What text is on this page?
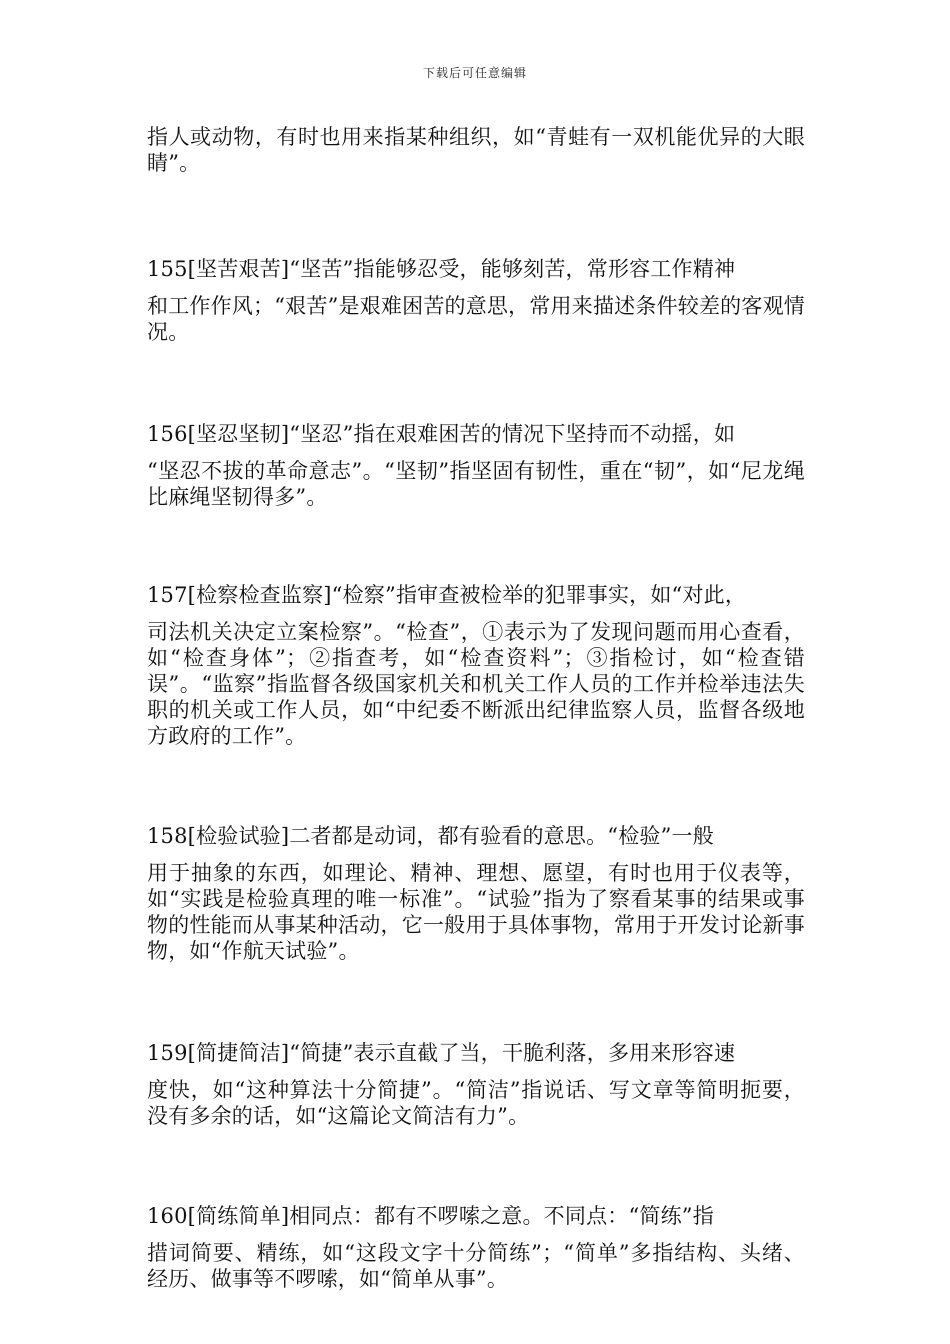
下载后可任意编辑
指人或动物，有时也用来指某种组织，如“青蛙有一双机能优异的大眼睛”。
155[坚苦艰苦]“坚苦”指能够忍受，能够刻苦，常形容工作精神
和工作作风；“艰苦”是艰难困苦的意思，常用来描述条件较差的客观情况。
156[坚忍坚韧]“坚忍”指在艰难困苦的情况下坚持而不动摇，如
“坚忍不拔的革命意志”。“坚韧”指坚固有韧性，重在“韧”，如“尼龙绳比麻绳坚韧得多”。
157[检察检查监察]“检察”指审查被检举的犯罪事实，如“对此，
司法机关决定立案检察”。“检查”，①表示为了发现问题而用心查看，如“检查身体”；②指查考，如“检查资料”；③指检讨，如“检查错误”。“监察”指监督各级国家机关和机关工作人员的工作并检举违法失职的机关或工作人员，如“中纪委不断派出纪律监察人员，监督各级地方政府的工作”。
158[检验试验]二者都是动词，都有验看的意思。“检验”一般
用于抽象的东西，如理论、精神、理想、愿望，有时也用于仪表等，如“实践是检验真理的唯一标准”。“试验”指为了察看某事的结果或事物的性能而从事某种活动，它一般用于具体事物，常用于开发讨论新事物，如“作航天试验”。
159[简捷简洁]“简捷”表示直截了当，干脆利落，多用来形容速
度快，如“这种算法十分简捷”。“简洁”指说话、写文章等简明扼要，没有多余的话，如“这篇论文简洁有力”。
160[简练简单]相同点：都有不啰嗦之意。不同点：“简练”指
措词简要、精练，如“这段文字十分简练”；“简单”多指结构、头绪、经历、做事等不啰嗦，如“简单从事”。
